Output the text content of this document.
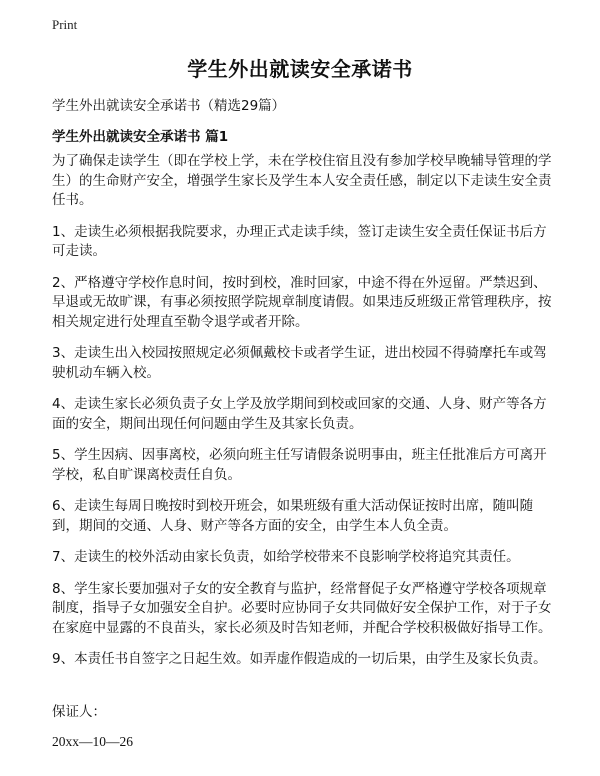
Print
学生外出就读安全承诺书
学生外出就读安全承诺书（精选29篇）
学生外出就读安全承诺书 篇1

为了确保走读学生（即在学校上学，未在学校住宿且没有参加学校早晚辅导管理的学生）的生命财产安全，增强学生家长及学生本人安全责任感，制定以下走读生安全责任书。

1、走读生必须根据我院要求，办理正式走读手续，签订走读生安全责任保证书后方可走读。

2、严格遵守学校作息时间，按时到校，准时回家，中途不得在外逗留。严禁迟到、早退或无故旷课，有事必须按照学院规章制度请假。如果违反班级正常管理秩序，按相关规定进行处理直至勒令退学或者开除。

3、走读生出入校园按照规定必须佩戴校卡或者学生证，进出校园不得骑摩托车或驾驶机动车辆入校。

4、走读生家长必须负责子女上学及放学期间到校或回家的交通、人身、财产等各方面的安全，期间出现任何问题由学生及其家长负责。

5、学生因病、因事离校，必须向班主任写请假条说明事由，班主任批准后方可离开学校，私自旷课离校责任自负。

6、走读生每周日晚按时到校开班会，如果班级有重大活动保证按时出席，随叫随到，期间的交通、人身、财产等各方面的安全，由学生本人负全责。

7、走读生的校外活动由家长负责，如给学校带来不良影响学校将追究其责任。

8、学生家长要加强对子女的安全教育与监护，经常督促子女严格遵守学校各项规章制度，指导子女加强安全自护。必要时应协同子女共同做好安全保护工作，对于子女在家庭中显露的不良苗头，家长必须及时告知老师，并配合学校积极做好指导工作。

9、本责任书自签字之日起生效。如弄虚作假造成的一切后果，由学生及家长负责。

保证人：
20xx—10—26
